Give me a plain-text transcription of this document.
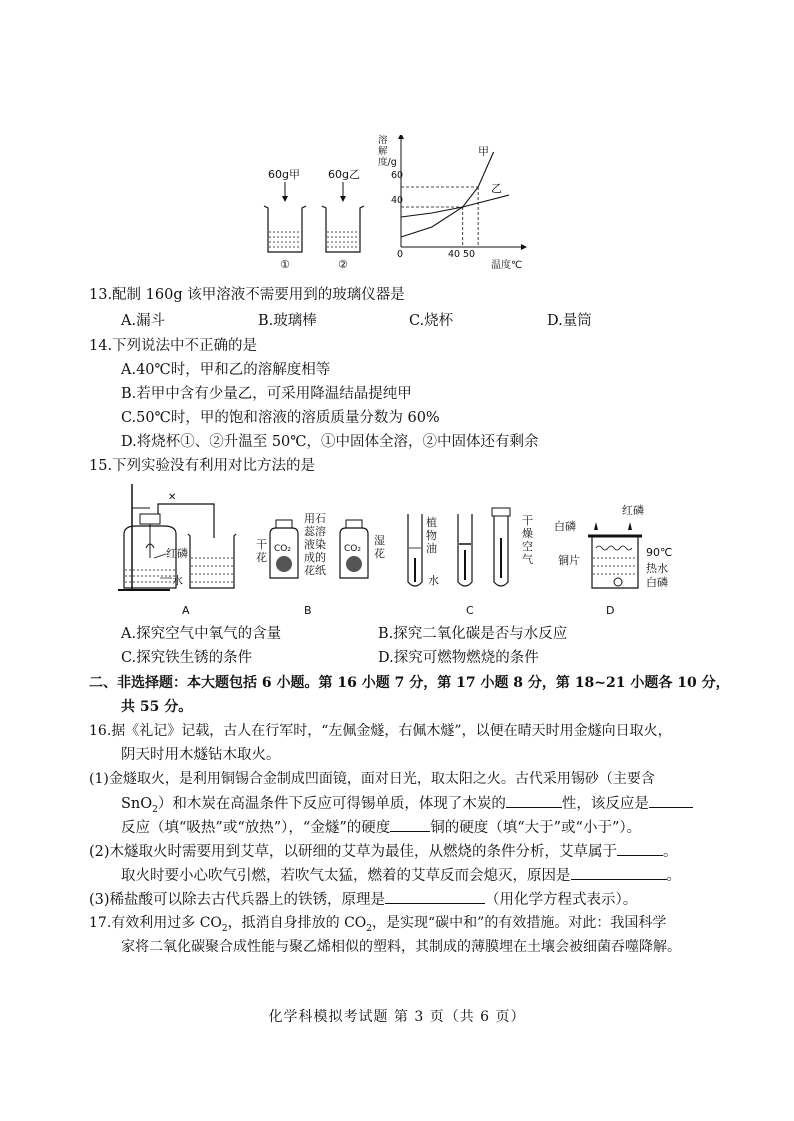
60g甲	60g乙
①	②
溶解度/g
温度℃
0
60
40
40 50
甲
乙
13.配制 160g 该甲溶液不需要用到的玻璃仪器是
A.漏斗	B.玻璃棒	C.烧杯	D.量筒
14.下列说法中不正确的是
A.40℃时，甲和乙的溶解度相等
B.若甲中含有少量乙，可采用降温结晶提纯甲
C.50℃时，甲的饱和溶液的溶质质量分数为 60%
D.将烧杯①、②升温至 50℃，①中固体全溶，②中固体还有剩余
15.下列实验没有利用对比方法的是
✕
红磷
水
干花
CO₂
用石蕊溶液染成的花纸
CO₂
湿花
植物油
水
干燥空气
白磷
红磷
铜片
90℃
热水
白磷
A	B	C	D
A.探究空气中氧气的含量	B.探究二氧化碳是否与水反应
C.探究铁生锈的条件	D.探究可燃物燃烧的条件
二、非选择题：本大题包括 6 小题。第 16 小题 7 分，第 17 小题 8 分，第 18~21 小题各 10 分，
共 55 分。
16.据《礼记》记载，古人在行军时，“左佩金燧，右佩木燧”，以便在晴天时用金燧向日取火，
阴天时用木燧钻木取火。
(1)金燧取火，是利用铜锡合金制成凹面镜，面对日光，取太阳之火。古代采用锡砂（主要含
SnO$_2$）和木炭在高温条件下反应可得锡单质，体现了木炭的	性，该反应是
反应（填“吸热”或“放热”），“金燧”的硬度	铜的硬度（填“大于”或“小于”）。
(2)木燧取火时需要用到艾草，以研细的艾草为最佳，从燃烧的条件分析，艾草属于	。
取火时要小心吹气引燃，若吹气太猛，燃着的艾草反而会熄灭，原因是	。
(3)稀盐酸可以除去古代兵器上的铁锈，原理是	（用化学方程式表示）。
17.有效利用过多 $CO_2$，抵消自身排放的 $CO_2$，是实现“碳中和”的有效措施。对此：我国科学
家将二氧化碳聚合成性能与聚乙烯相似的塑料，其制成的薄膜埋在土壤会被细菌吞噬降解。
化学科模拟考试题 第 3 页（共 6 页）
